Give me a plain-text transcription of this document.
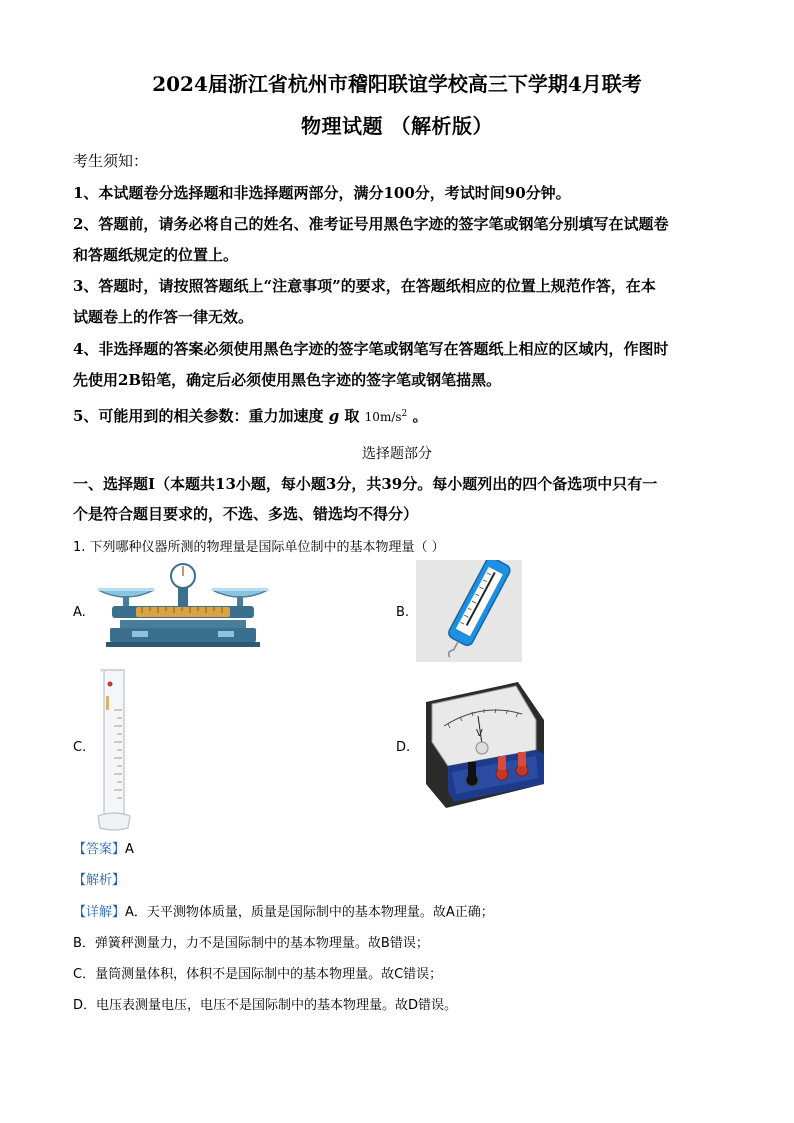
2024届浙江省杭州市稽阳联谊学校高三下学期4月联考
物理试题 （解析版）
考生须知：
1、本试题卷分选择题和非选择题两部分，满分100分，考试时间90分钟。
2、答题前，请务必将自己的姓名、准考证号用黑色字迹的签字笔或钢笔分别填写在试题卷
和答题纸规定的位置上。
3、答题时，请按照答题纸上“注意事项”的要求，在答题纸相应的位置上规范作答，在本
试题卷上的作答一律无效。
4、非选择题的答案必须使用黑色字迹的签字笔或钢笔写在答题纸上相应的区域内，作图时
先使用2B铅笔，确定后必须使用黑色字迹的签字笔或钢笔描黑。
5、可能用到的相关参数：重力加速度 g 取 $10m/s^2$ 。
选择题部分
一、选择题Ⅰ（本题共13小题，每小题3分，共39分。每小题列出的四个备选项中只有一
个是符合题目要求的，不选、多选、错选均不得分）
1. 下列哪种仪器所测的物理量是国际单位制中的基本物理量（ ）
A.	B.
C.	D.
V
【答案】A
【解析】
【详解】A．天平测物体质量，质量是国际制中的基本物理量。故A正确；
B．弹簧秤测量力，力不是国际制中的基本物理量。故B错误；
C．量筒测量体积，体积不是国际制中的基本物理量。故C错误；
D．电压表测量电压，电压不是国际制中的基本物理量。故D错误。
